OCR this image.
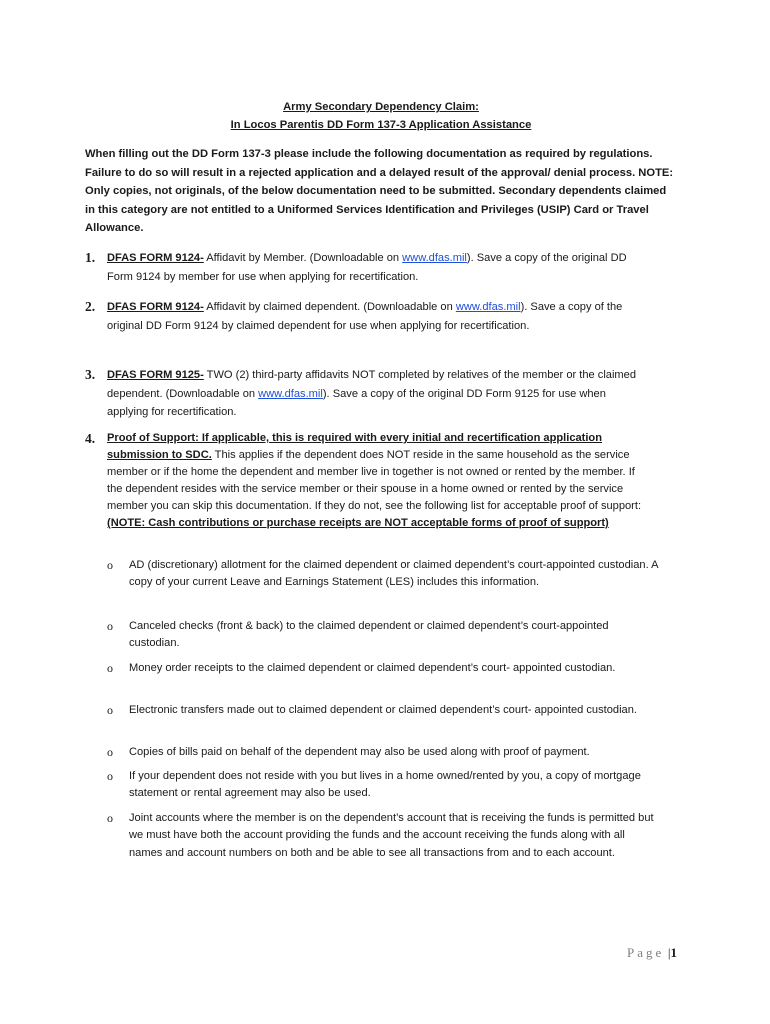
Army Secondary Dependency Claim:
In Locos Parentis DD Form 137-3 Application Assistance
When filling out the DD Form 137-3 please include the following documentation as required by regulations. Failure to do so will result in a rejected application and a delayed result of the approval/ denial process. NOTE: Only copies, not originals, of the below documentation need to be submitted. Secondary dependents claimed in this category are not entitled to a Uniformed Services Identification and Privileges (USIP) Card or Travel Allowance.
1. DFAS FORM 9124- Affidavit by Member. (Downloadable on www.dfas.mil). Save a copy of the original DD Form 9124 by member for use when applying for recertification.
2. DFAS FORM 9124- Affidavit by claimed dependent. (Downloadable on www.dfas.mil). Save a copy of the original DD Form 9124 by claimed dependent for use when applying for recertification.
3. DFAS FORM 9125- TWO (2) third-party affidavits NOT completed by relatives of the member or the claimed dependent. (Downloadable on www.dfas.mil). Save a copy of the original DD Form 9125 for use when applying for recertification.
4. Proof of Support: If applicable, this is required with every initial and recertification application submission to SDC. This applies if the dependent does NOT reside in the same household as the service member or if the home the dependent and member live in together is not owned or rented by the member. If the dependent resides with the service member or their spouse in a home owned or rented by the service member you can skip this documentation. If they do not, see the following list for acceptable proof of support: (NOTE: Cash contributions or purchase receipts are NOT acceptable forms of proof of support)
o AD (discretionary) allotment for the claimed dependent or claimed dependent’s court-appointed custodian. A copy of your current Leave and Earnings Statement (LES) includes this information.
o Canceled checks (front & back) to the claimed dependent or claimed dependent’s court-appointed custodian.
o Money order receipts to the claimed dependent or claimed dependent’s court- appointed custodian.
o Electronic transfers made out to claimed dependent or claimed dependent’s court- appointed custodian.
o Copies of bills paid on behalf of the dependent may also be used along with proof of payment.
o If your dependent does not reside with you but lives in a home owned/rented by you, a copy of mortgage statement or rental agreement may also be used.
o Joint accounts where the member is on the dependent’s account that is receiving the funds is permitted but we must have both the account providing the funds and the account receiving the funds along with all names and account numbers on both and be able to see all transactions from and to each account.
Page |1
